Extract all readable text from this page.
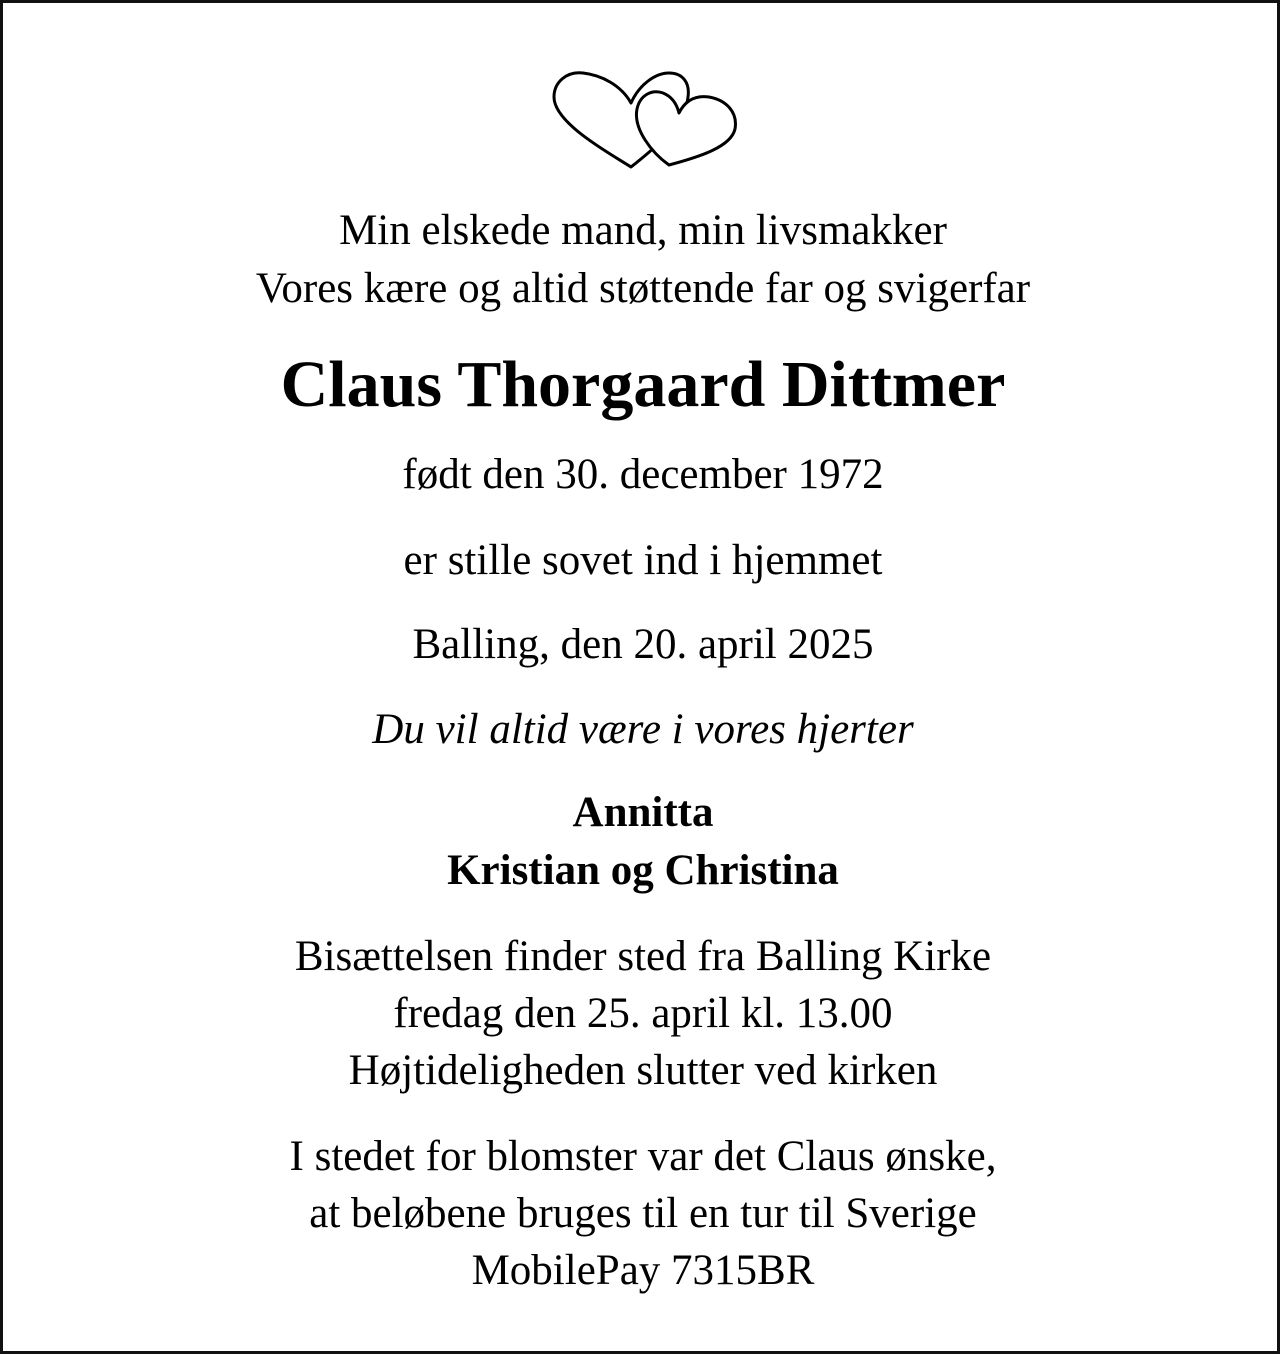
Min elskede mand, min livsmakker
Vores kære og altid støttende far og svigerfar
Claus Thorgaard Dittmer
født den 30. december 1972
er stille sovet ind i hjemmet
Balling, den 20. april 2025
Du vil altid være i vores hjerter
Annitta
Kristian og Christina
Bisættelsen finder sted fra Balling Kirke
fredag den 25. april kl. 13.00
Højtideligheden slutter ved kirken
I stedet for blomster var det Claus ønske,
at beløbene bruges til en tur til Sverige
MobilePay 7315BR
